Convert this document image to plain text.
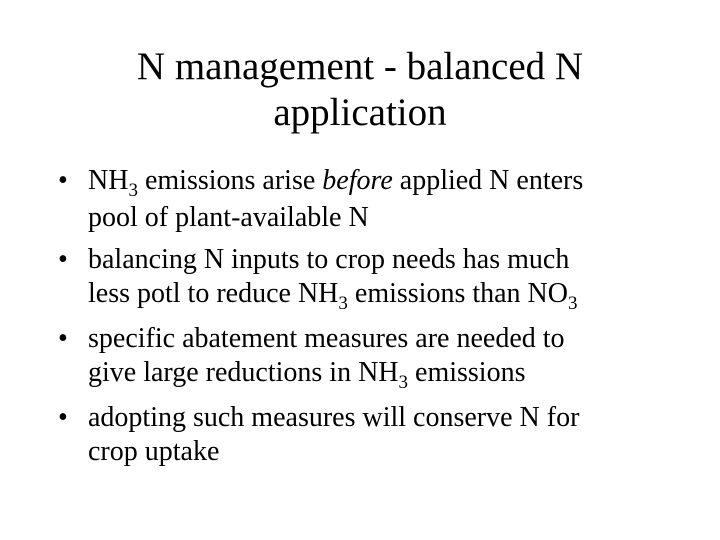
N management - balanced N
application
• $NH_3$ emissions arise before applied N enters
pool of plant-available N
• balancing N inputs to crop needs has much
less potl to reduce $NH_3$ emissions than $NO_3$
• specific abatement measures are needed to
give large reductions in $NH_3$ emissions
• adopting such measures will conserve N for
crop uptake
